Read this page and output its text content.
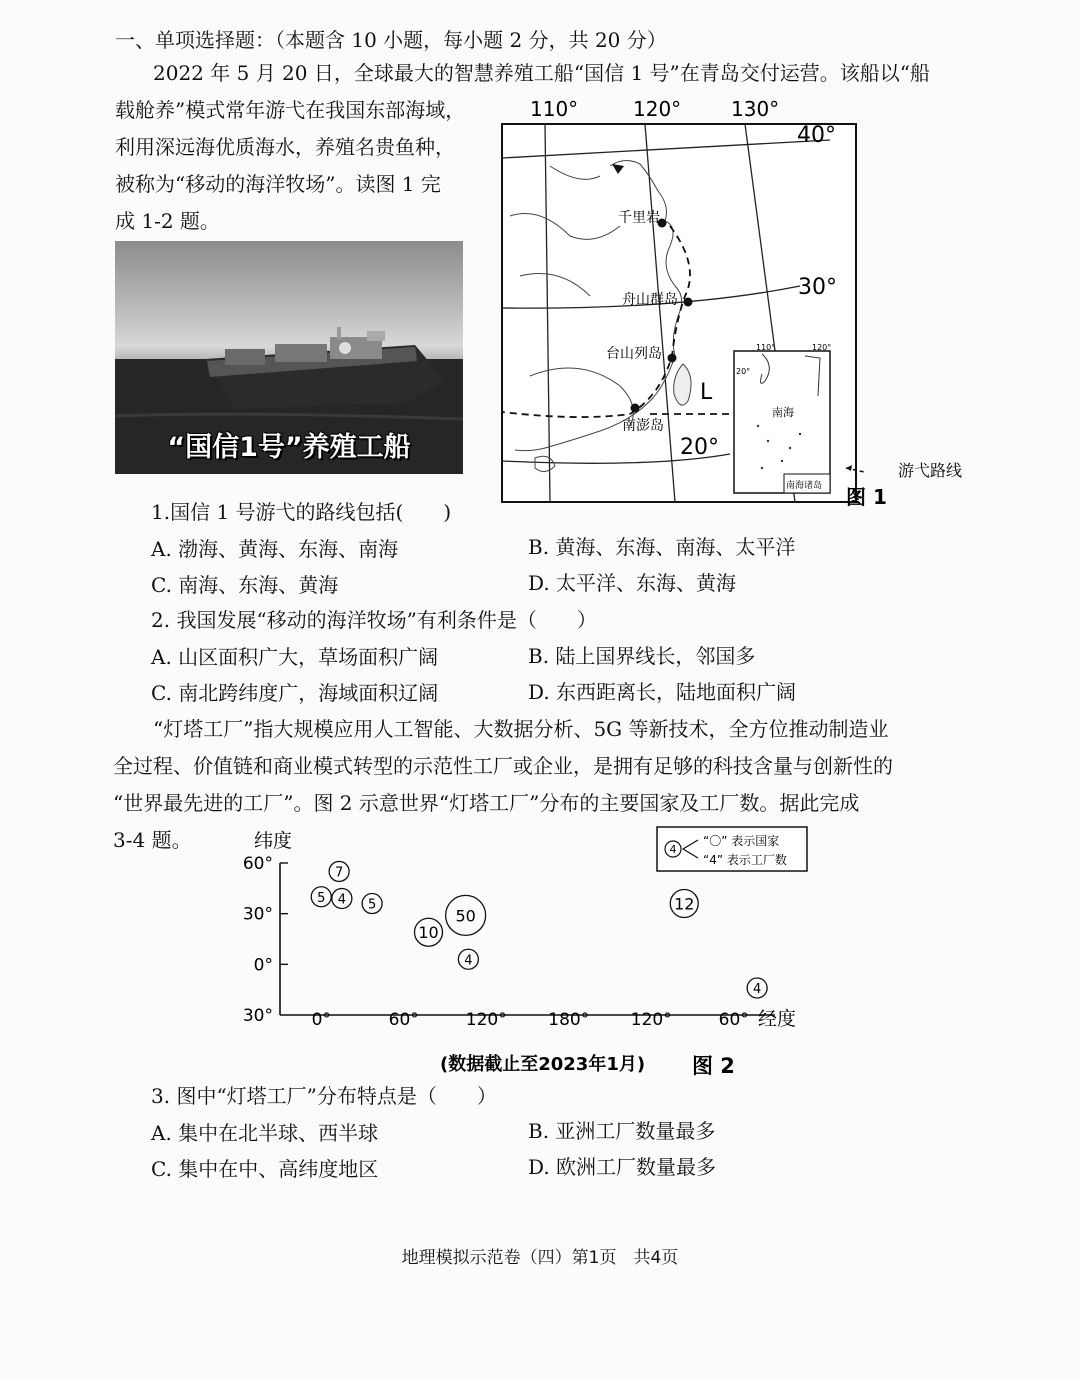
一、单项选择题：（本题含 10 小题，每小题 2 分，共 20 分）
2022 年 5 月 20 日，全球最大的智慧养殖工船“国信 1 号”在青岛交付运营。该船以“船
载舱养”模式常年游弋在我国东部海域，
利用深远海优质海水，养殖名贵鱼种，
被称为“移动的海洋牧场”。读图 1 完
成 1-2 题。
“国信1号”养殖工船
千里岩
舟山群岛
台山列岛
南澎岛
L
110°	120° 130°
40°
30°
20°
110°	120°
20°
南海
南海诸岛
游弋路线
图 1
1.国信 1 号游弋的路线包括(　　)
A. 渤海、黄海、东海、南海	B. 黄海、东海、南海、太平洋
C. 南海、东海、黄海	D. 太平洋、东海、黄海
2. 我国发展“移动的海洋牧场”有利条件是（　　）
A. 山区面积广大，草场面积广阔	B. 陆上国界线长，邻国多
C. 南北跨纬度广，海域面积辽阔	D. 东西距离长，陆地面积广阔
“灯塔工厂”指大规模应用人工智能、大数据分析、5G 等新技术，全方位推动制造业
全过程、价值链和商业模式转型的示范性工厂或企业，是拥有足够的科技含量与创新性的
“世界最先进的工厂”。图 2 示意世界“灯塔工厂”分布的主要国家及工厂数。据此完成
3-4 题。	纬度
经度
4
“〇” 表示国家
“4” 表示工厂数
(数据截止至2023年1月) 图 2
0°	60°	120° 180° 120°	60°
60°
30°
0°
30°
7
5 4 5
10
50
4
12
4
3. 图中“灯塔工厂”分布特点是（　　）
A. 集中在北半球、西半球	B. 亚洲工厂数量最多
C. 集中在中、高纬度地区	D. 欧洲工厂数量最多
地理模拟示范卷（四）第1页　共4页
